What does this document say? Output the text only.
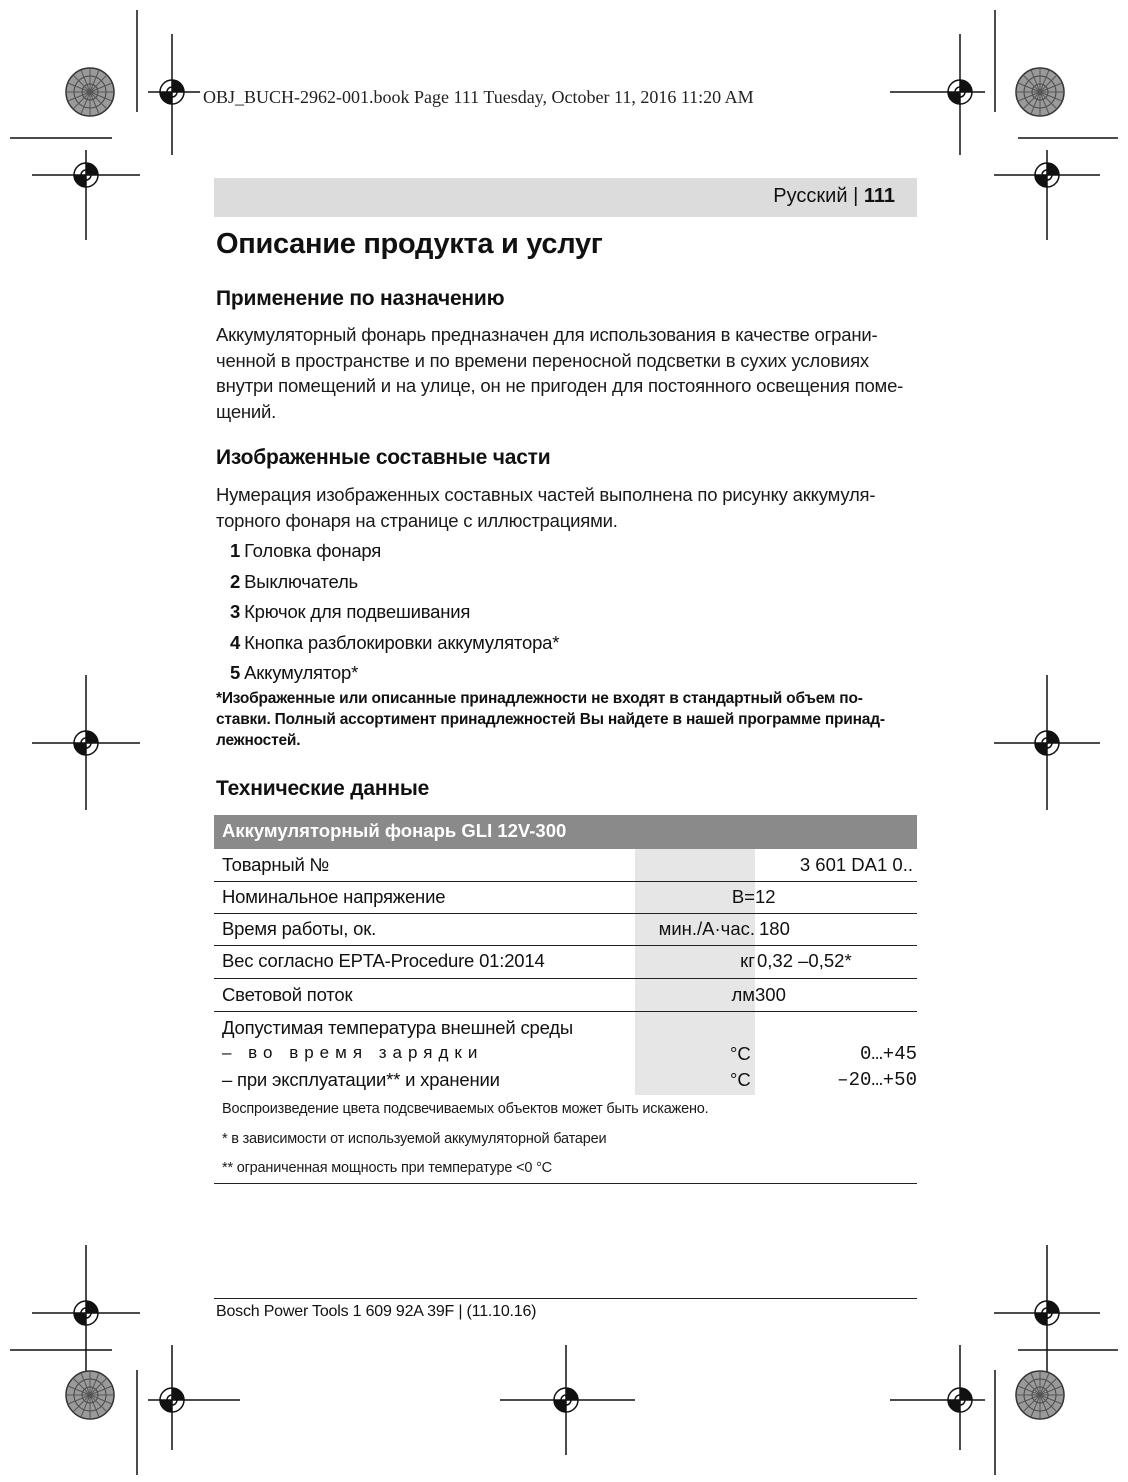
OBJ_BUCH-2962-001.book Page 111 Tuesday, October 11, 2016 11:20 AM
Русский | 111
Описание продукта и услуг
Применение по назначению

Аккумуляторный фонарь предназначен для использования в качестве ограни-

ченной в пространстве и по времени переносной подсветки в сухих условиях

внутри помещений и на улице, он не пригоден для постоянного освещения поме-

щений.

Изображенные составные части

Нумерация изображенных составных частей выполнена по рисунку аккумуля-

торного фонаря на странице с иллюстрациями.

1 Головка фонаря
2 Выключатель
3 Крючок для подвешивания
4 Кнопка разблокировки аккумулятора*
5 Аккумулятор*
*Изображенные или описанные принадлежности не входят в стандартный объем по-
ставки. Полный ассортимент принадлежностей Вы найдете в нашей программе принад-
лежностей.
Технические данные
Аккумуляторный фонарь GLI 12V-300
Товарный №	3 601 DA1 0..
Номинальное напряжение	В= 12
Время работы, ок.	мин./А·час. 180
Вес согласно EPTA-Procedure 01:2014	кг 0,32 –0,52*
Световой поток	лм 300
Допустимая температура внешней среды
– во время зарядки	°C	0…+45
– при эксплуатации** и хранении	°C	–20…+50
Воспроизведение цвета подсвечиваемых объектов может быть искажено.
* в зависимости от используемой аккумуляторной батареи
** ограниченная мощность при температуре <0 °C
Bosch Power Tools 1 609 92A 39F | (11.10.16)
